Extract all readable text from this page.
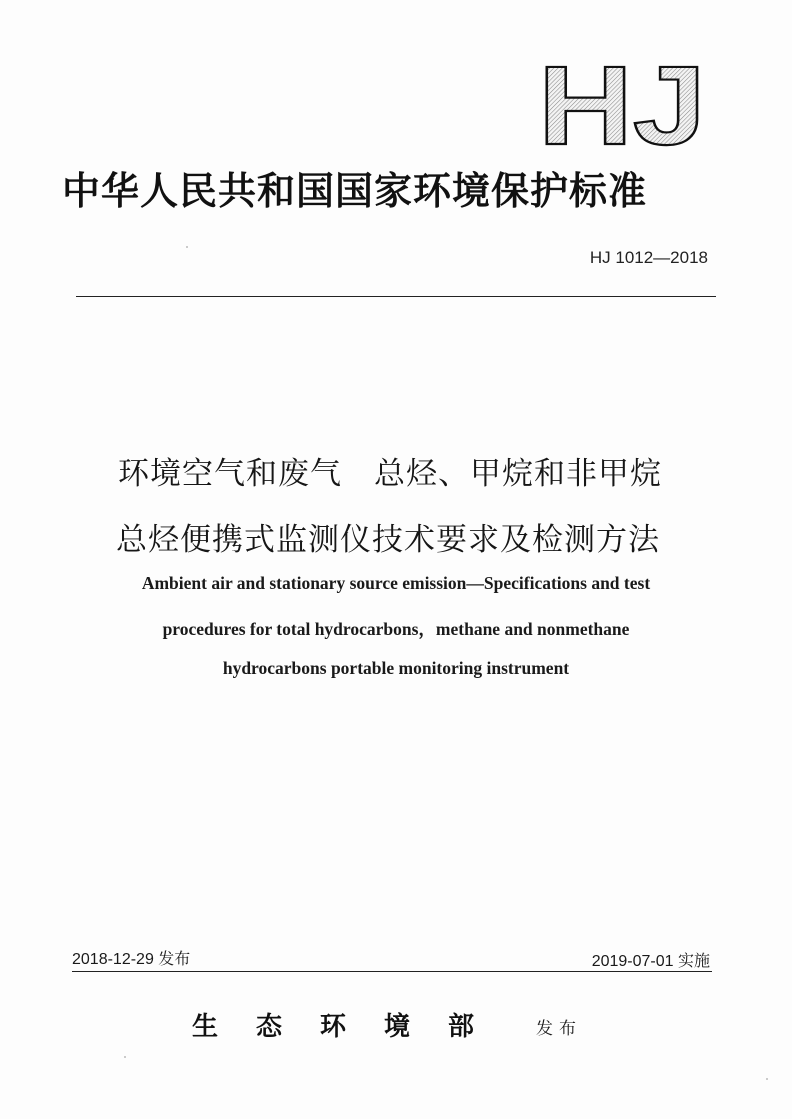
HJ
中华人民共和国国家环境保护标准
HJ 1012—2018
环境空气和废气　总烃、甲烷和非甲烷
总烃便携式监测仪技术要求及检测方法
Ambient air and stationary source emission—Specifications and test
procedures for total hydrocarbons，methane and nonmethane
hydrocarbons portable monitoring instrument
2018-12-29 发布	2019-07-01 实施
生态环境部 发布
